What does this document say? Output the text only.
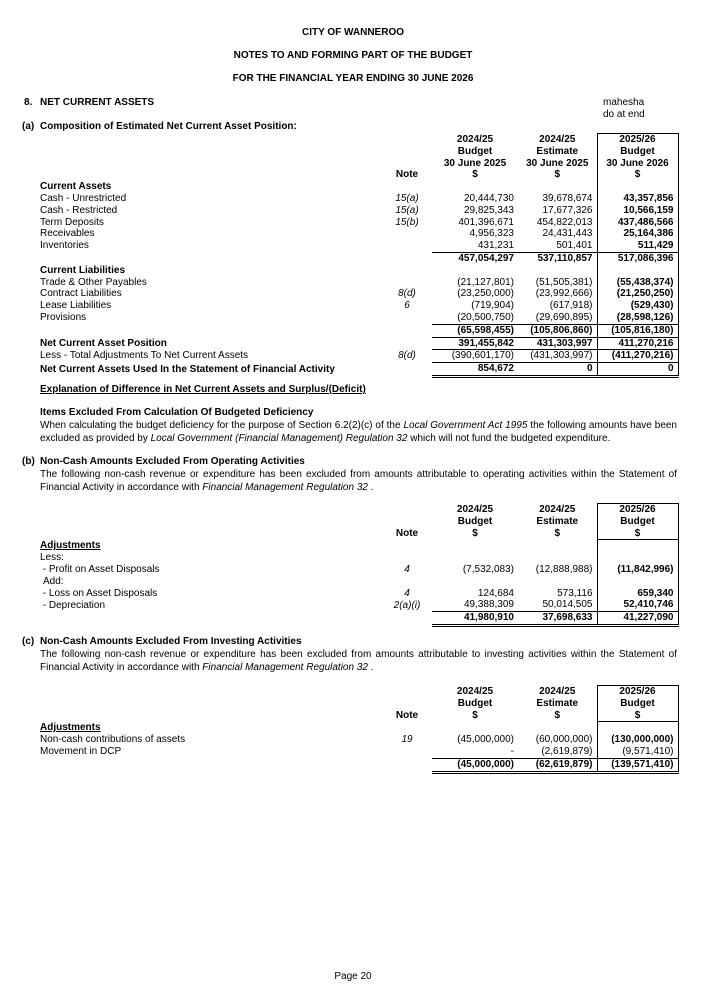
CITY OF WANNEROO
NOTES TO AND FORMING PART OF THE BUDGET
FOR THE FINANCIAL YEAR ENDING 30 JUNE 2026
8. NET CURRENT ASSETS	mahesha
do at end
(a) Composition of Estimated Net Current Asset Position:
		2024/25	2024/25	2025/26
		Budget	Estimate	Budget
		30 June 2025	30 June 2025	30 June 2026
	Note	$	$	$
Current Assets				
Cash - Unrestricted	15(a)	20,444,730	39,678,674	43,357,856
Cash - Restricted	15(a)	29,825,343	17,677,326	10,566,159
Term Deposits	15(b)	401,396,671	454,822,013	437,486,566
Receivables		4,956,323	24,431,443	25,164,386
Inventories		431,231	501,401	511,429
		457,054,297	537,110,857	517,086,396
Current Liabilities				
Trade & Other Payables		(21,127,801)	(51,505,381)	(55,438,374)
Contract Liabilities	8(d)	(23,250,000)	(23,992,666)	(21,250,250)
Lease Liabilities	6	(719,904)	(617,918)	(529,430)
Provisions		(20,500,750)	(29,690,895)	(28,598,126)
		(65,598,455)	(105,806,860)	(105,816,180)
Net Current Asset Position		391,455,842	431,303,997	411,270,216
Less - Total Adjustments To Net Current Assets	8(d)	(390,601,170)	(431,303,997)	(411,270,216)
Net Current Assets Used In the Statement of Financial Activity		854,672	0	0
Explanation of Difference in Net Current Assets and Surplus/(Deficit)
Items Excluded From Calculation Of Budgeted Deficiency
When calculating the budget deficiency for the purpose of Section 6.2(2)(c) of the Local Government Act 1995 the following amounts have been excluded as provided by Local Government (Financial Management) Regulation 32 which will not fund the budgeted expenditure.
(b) Non-Cash Amounts Excluded From Operating Activities
The following non-cash revenue or expenditure has been excluded from amounts attributable to operating activities within the Statement of Financial Activity in accordance with Financial Management Regulation 32 .
		2024/25	2024/25	2025/26
		Budget	Estimate	Budget
	Note	$	$	$
Adjustments				
Less:				
- Profit on Asset Disposals	4	(7,532,083)	(12,888,988)	(11,842,996)
Add:				
- Loss on Asset Disposals	4	124,684	573,116	659,340
- Depreciation	2(a)(i)	49,388,309	50,014,505	52,410,746
		41,980,910	37,698,633	41,227,090
(c) Non-Cash Amounts Excluded From Investing Activities
The following non-cash revenue or expenditure has been excluded from amounts attributable to investing activities within the Statement of Financial Activity in accordance with Financial Management Regulation 32 .
		2024/25	2024/25	2025/26
		Budget	Estimate	Budget
	Note	$	$	$
Adjustments				
Non-cash contributions of assets	19	(45,000,000)	(60,000,000)	(130,000,000)
Movement in DCP		-	(2,619,879)	(9,571,410)
		(45,000,000)	(62,619,879)	(139,571,410)
Page 20
